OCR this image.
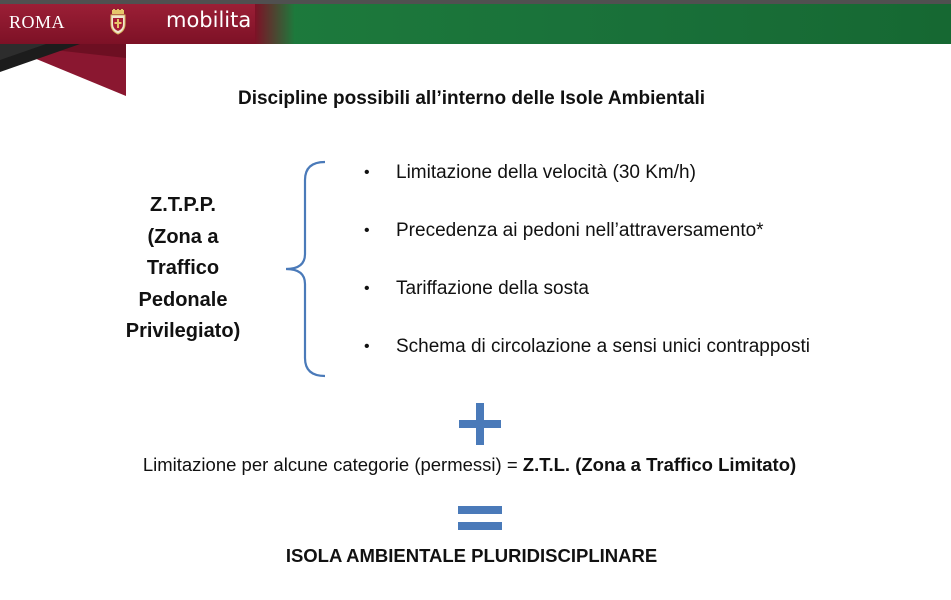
ROMA	mobilita
Discipline possibili all’interno delle Isole Ambientali
Z.T.P.P.
(Zona a
Traffico
Pedonale
Privilegiato)
• Limitazione della velocità (30 Km/h)
• Precedenza ai pedoni nell’attraversamento*
• Tariffazione della sosta
• Schema di circolazione a sensi unici contrapposti
Limitazione per alcune categorie (permessi) = Z.T.L. (Zona a Traffico Limitato)
ISOLA AMBIENTALE PLURIDISCIPLINARE
